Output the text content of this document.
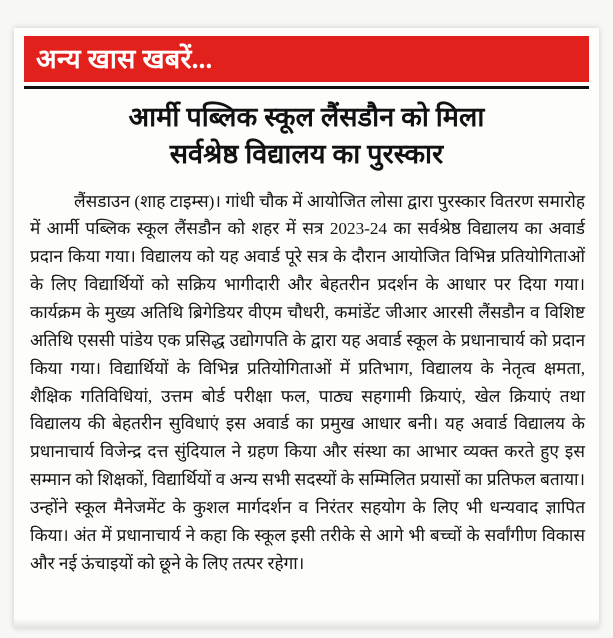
अन्य खास खबरें...
आर्मी पब्लिक स्कूल लैंसडौन को मिला
सर्वश्रेष्ठ विद्यालय का पुरस्कार
लैंसडाउन (शाह टाइम्स)। गांधी चौक में आयोजित लोसा द्वारा पुरस्कार वितरण समारोह में आर्मी पब्लिक स्कूल लैंसडौन को शहर में सत्र 2023-24 का सर्वश्रेष्ठ विद्यालय का अवार्ड प्रदान किया गया। विद्यालय को यह अवार्ड पूरे सत्र के दौरान आयोजित विभिन्न प्रतियोगिताओं के लिए विद्यार्थियों को सक्रिय भागीदारी और बेहतरीन प्रदर्शन के आधार पर दिया गया। कार्यक्रम के मुख्य अतिथि ब्रिगेडियर वीएम चौधरी, कमांडेंट जीआर आरसी लैंसडौन व विशिष्ट अतिथि एससी पांडेय एक प्रसिद्ध उद्योगपति के द्वारा यह अवार्ड स्कूल के प्रधानाचार्य को प्रदान किया गया। विद्यार्थियों के विभिन्न प्रतियोगिताओं में प्रतिभाग, विद्यालय के नेतृत्व क्षमता, शैक्षिक गतिविधियां, उत्तम बोर्ड परीक्षा फल, पाठ्य सहगामी क्रियाएं, खेल क्रियाएं तथा विद्यालय की बेहतरीन सुविधाएं इस अवार्ड का प्रमुख आधार बनी। यह अवार्ड विद्यालय के प्रधानाचार्य विजेन्द्र दत्त सुंदियाल ने ग्रहण किया और संस्था का आभार व्यक्त करते हुए इस सम्मान को शिक्षकों, विद्यार्थियों व अन्य सभी सदस्यों के सम्मिलित प्रयासों का प्रतिफल बताया। उन्होंने स्कूल मैनेजमेंट के कुशल मार्गदर्शन व निरंतर सहयोग के लिए भी धन्यवाद ज्ञापित किया। अंत में प्रधानाचार्य ने कहा कि स्कूल इसी तरीके से आगे भी बच्चों के सर्वांगीण विकास और नई ऊंचाइयों को छूने के लिए तत्पर रहेगा।
